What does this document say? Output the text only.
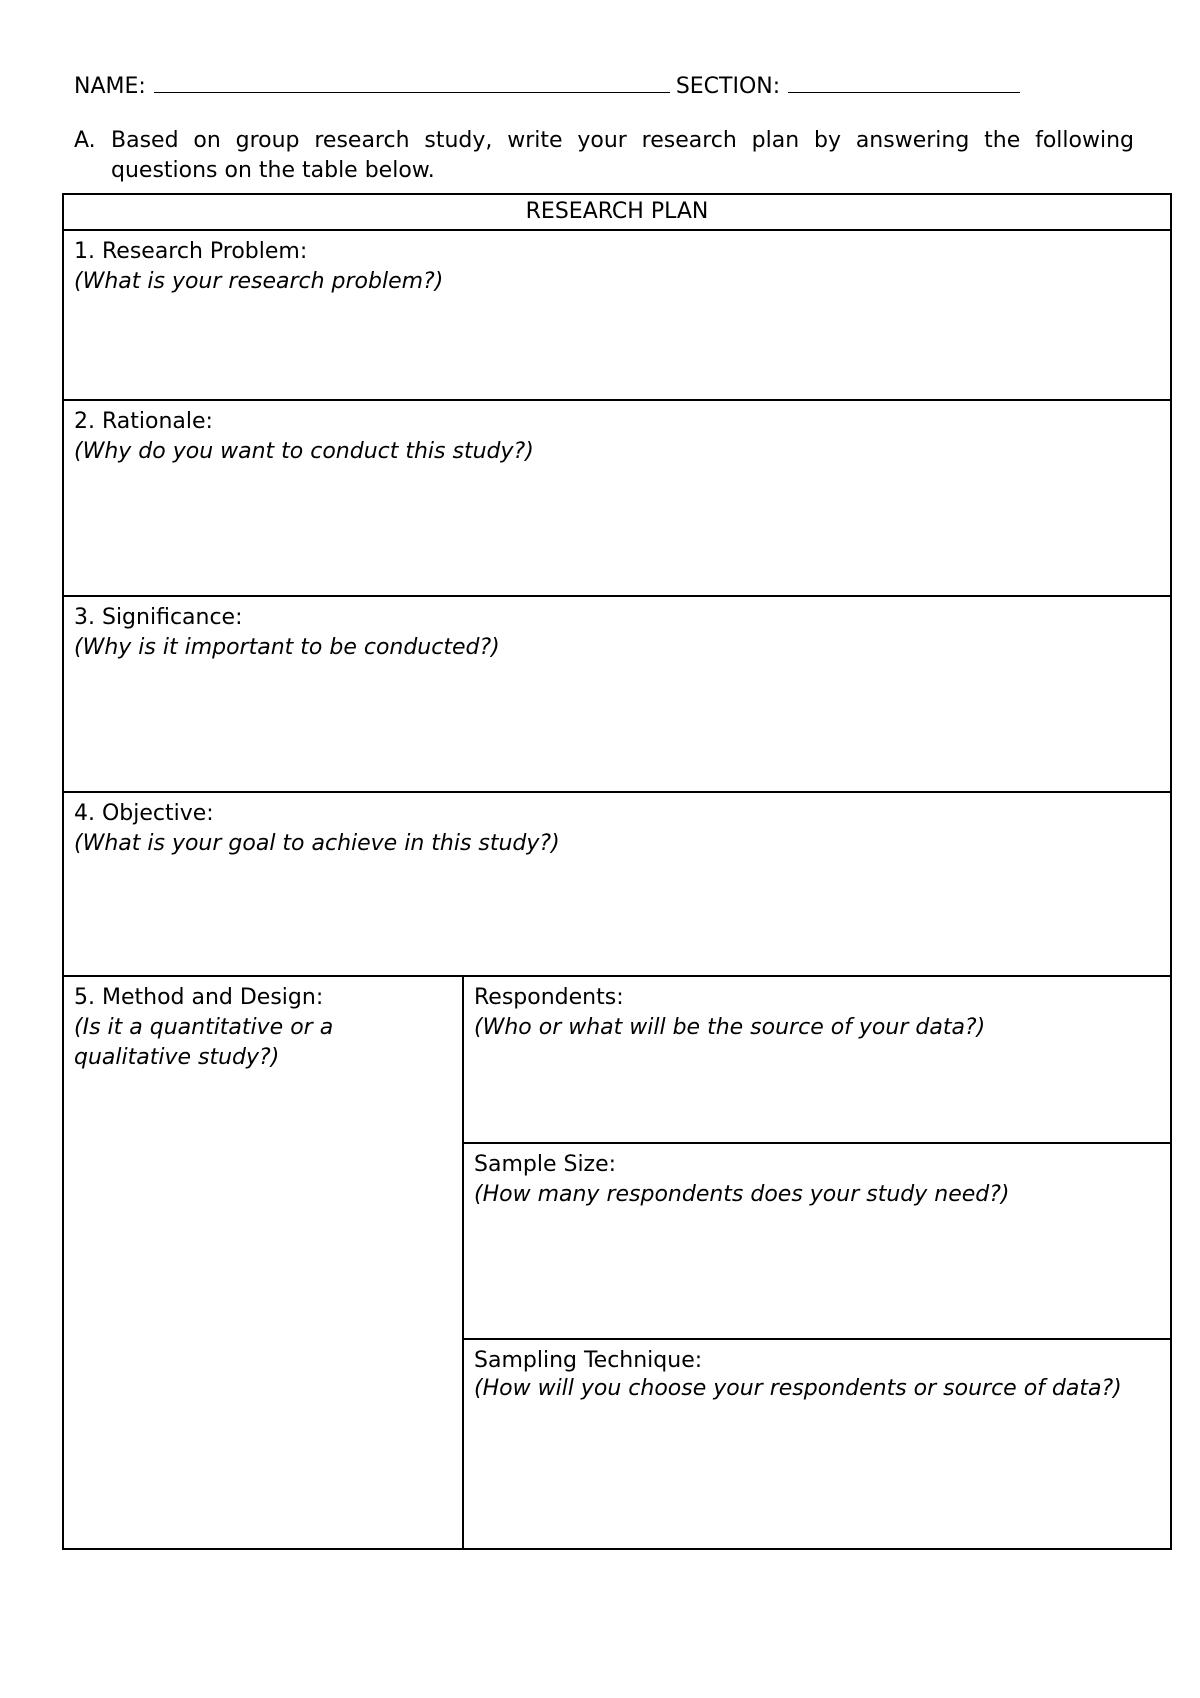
NAME:	SECTION:
A. Based on group research study, write your research plan by answering the following questions on the table below.
RESEARCH PLAN

1. Research Problem:
(What is your research problem?)

2. Rationale:
(Why do you want to conduct this study?)

3. Significance:
(Why is it important to be conducted?)

4. Objective:
(What is your goal to achieve in this study?)

5. Method and Design:
(Is it a quantitative or a qualitative study?)

Respondents:
(Who or what will be the source of your data?)

Sample Size:
(How many respondents does your study need?)

Sampling Technique:
(How will you choose your respondents or source of data?)
